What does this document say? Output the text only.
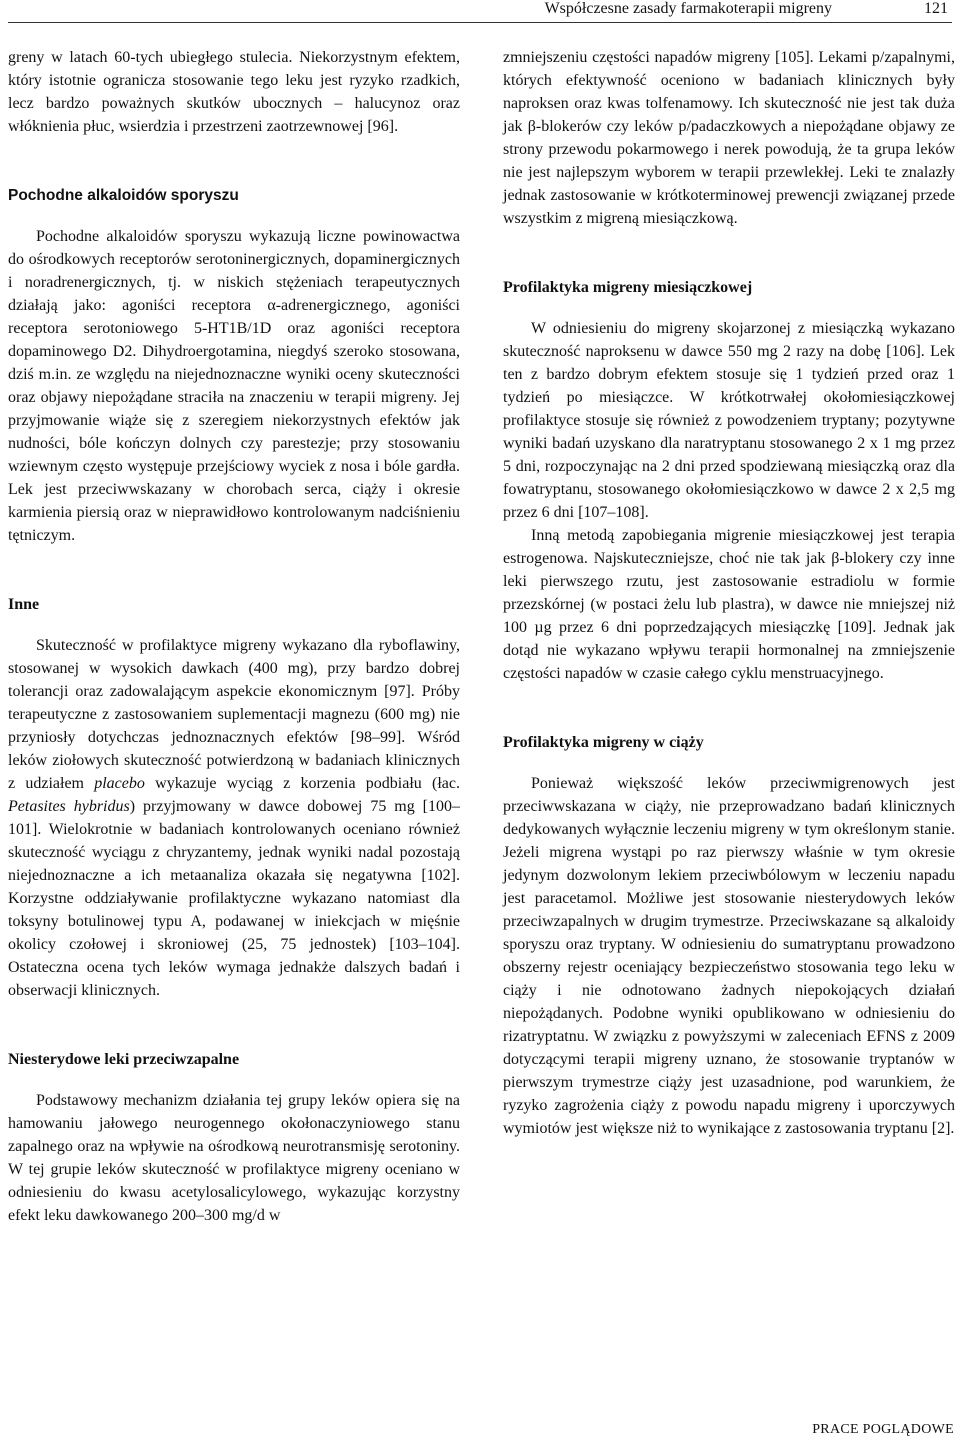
Współczesne zasady farmakoterapii migreny	121

greny w latach 60-tych ubiegłego stulecia. Niekorzystnym efektem, który istotnie ogranicza stosowanie tego leku jest ryzyko rzadkich, lecz bardzo poważnych skutków ubocznych – halucynoz oraz włóknienia płuc, wsierdzia i przestrzeni zaotrzewnowej [96].

Pochodne alkaloidów sporyszu

Pochodne alkaloidów sporyszu wykazują liczne powinowactwa do ośrodkowych receptorów serotoninergicznych, dopaminergicznych i noradrenergicznych, tj. w niskich stężeniach terapeutycznych działają jako: agoniści receptora α-adrenergicznego, agoniści receptora serotoniowego 5-HT1B/1D oraz agoniści receptora dopaminowego D2. Dihydroergotamina, niegdyś szeroko stosowana, dziś m.in. ze względu na niejednoznaczne wyniki oceny skuteczności oraz objawy niepożądane straciła na znaczeniu w terapii migreny. Jej przyjmowanie wiąże się z szeregiem niekorzystnych efektów jak nudności, bóle kończyn dolnych czy parestezje; przy stosowaniu wziewnym często występuje przejściowy wyciek z nosa i bóle gardła. Lek jest przeciwwskazany w chorobach serca, ciąży i okresie karmienia piersią oraz w nieprawidłowo kontrolowanym nadciśnieniu tętniczym.

Inne

Skuteczność w profilaktyce migreny wykazano dla ryboflawiny, stosowanej w wysokich dawkach (400 mg), przy bardzo dobrej tolerancji oraz zadowalającym aspekcie ekonomicznym [97]. Próby terapeutyczne z zastosowaniem suplementacji magnezu (600 mg) nie przyniosły dotychczas jednoznacznych efektów [98–99]. Wśród leków ziołowych skuteczność potwierdzoną w badaniach klinicznych z udziałem placebo wykazuje wyciąg z korzenia podbiału (łac. Petasites hybridus) przyjmowany w dawce dobowej 75 mg [100–101]. Wielokrotnie w badaniach kontrolowanych oceniano również skuteczność wyciągu z chryzantemy, jednak wyniki nadal pozostają niejednoznaczne a ich metaanaliza okazała się negatywna [102]. Korzystne oddziaływanie profilaktyczne wykazano natomiast dla toksyny botulinowej typu A, podawanej w iniekcjach w mięśnie okolicy czołowej i skroniowej (25, 75 jednostek) [103–104]. Ostateczna ocena tych leków wymaga jednakże dalszych badań i obserwacji klinicznych.

Niesterydowe leki przeciwzapalne

Podstawowy mechanizm działania tej grupy leków opiera się na hamowaniu jałowego neurogennego okołonaczyniowego stanu zapalnego oraz na wpływie na ośrodkową neurotransmisję serotoniny. W tej grupie leków skuteczność w profilaktyce migreny oceniano w odniesieniu do kwasu acetylosalicylowego, wykazując korzystny efekt leku dawkowanego 200–300 mg/d w

zmniejszeniu częstości napadów migreny [105]. Lekami p/zapalnymi, których efektywność oceniono w badaniach klinicznych były naproksen oraz kwas tolfenamowy. Ich skuteczność nie jest tak duża jak β-blokerów czy leków p/padaczkowych a niepożądane objawy ze strony przewodu pokarmowego i nerek powodują, że ta grupa leków nie jest najlepszym wyborem w terapii przewlekłej. Leki te znalazły jednak zastosowanie w krótkoterminowej prewencji związanej przede wszystkim z migreną miesiączkową.

Profilaktyka migreny miesiączkowej

W odniesieniu do migreny skojarzonej z miesiączką wykazano skuteczność naproksenu w dawce 550 mg 2 razy na dobę [106]. Lek ten z bardzo dobrym efektem stosuje się 1 tydzień przed oraz 1 tydzień po miesiączce. W krótkotrwałej okołomiesiączkowej profilaktyce stosuje się również z powodzeniem tryptany; pozytywne wyniki badań uzyskano dla naratryptanu stosowanego 2 x 1 mg przez 5 dni, rozpoczynając na 2 dni przed spodziewaną miesiączką oraz dla fowatryptanu, stosowanego okołomiesiączkowo w dawce 2 x 2,5 mg przez 6 dni [107–108].

Inną metodą zapobiegania migrenie miesiączkowej jest terapia estrogenowa. Najskuteczniejsze, choć nie tak jak β-blokery czy inne leki pierwszego rzutu, jest zastosowanie estradiolu w formie przezskórnej (w postaci żelu lub plastra), w dawce nie mniejszej niż 100 µg przez 6 dni poprzedzających miesiączkę [109]. Jednak jak dotąd nie wykazano wpływu terapii hormonalnej na zmniejszenie częstości napadów w czasie całego cyklu menstruacyjnego.

Profilaktyka migreny w ciąży

Ponieważ większość leków przeciwmigrenowych jest przeciwwskazana w ciąży, nie przeprowadzano badań klinicznych dedykowanych wyłącznie leczeniu migreny w tym określonym stanie. Jeżeli migrena wystąpi po raz pierwszy właśnie w tym okresie jedynym dozwolonym lekiem przeciwbólowym w leczeniu napadu jest paracetamol. Możliwe jest stosowanie niesterydowych leków przeciwzapalnych w drugim trymestrze. Przeciwskazane są alkaloidy sporyszu oraz tryptany. W odniesieniu do sumatryptanu prowadzono obszerny rejestr oceniający bezpieczeństwo stosowania tego leku w ciąży i nie odnotowano żadnych niepokojących działań niepożądanych. Podobne wyniki opublikowano w odniesieniu do rizatryptatnu. W związku z powyższymi w zaleceniach EFNS z 2009 dotyczącymi terapii migreny uznano, że stosowanie tryptanów w pierwszym trymestrze ciąży jest uzasadnione, pod warunkiem, że ryzyko zagrożenia ciąży z powodu napadu migreny i uporczywych wymiotów jest większe niż to wynikające z zastosowania tryptanu [2].

PRACE POGLĄDOWE
